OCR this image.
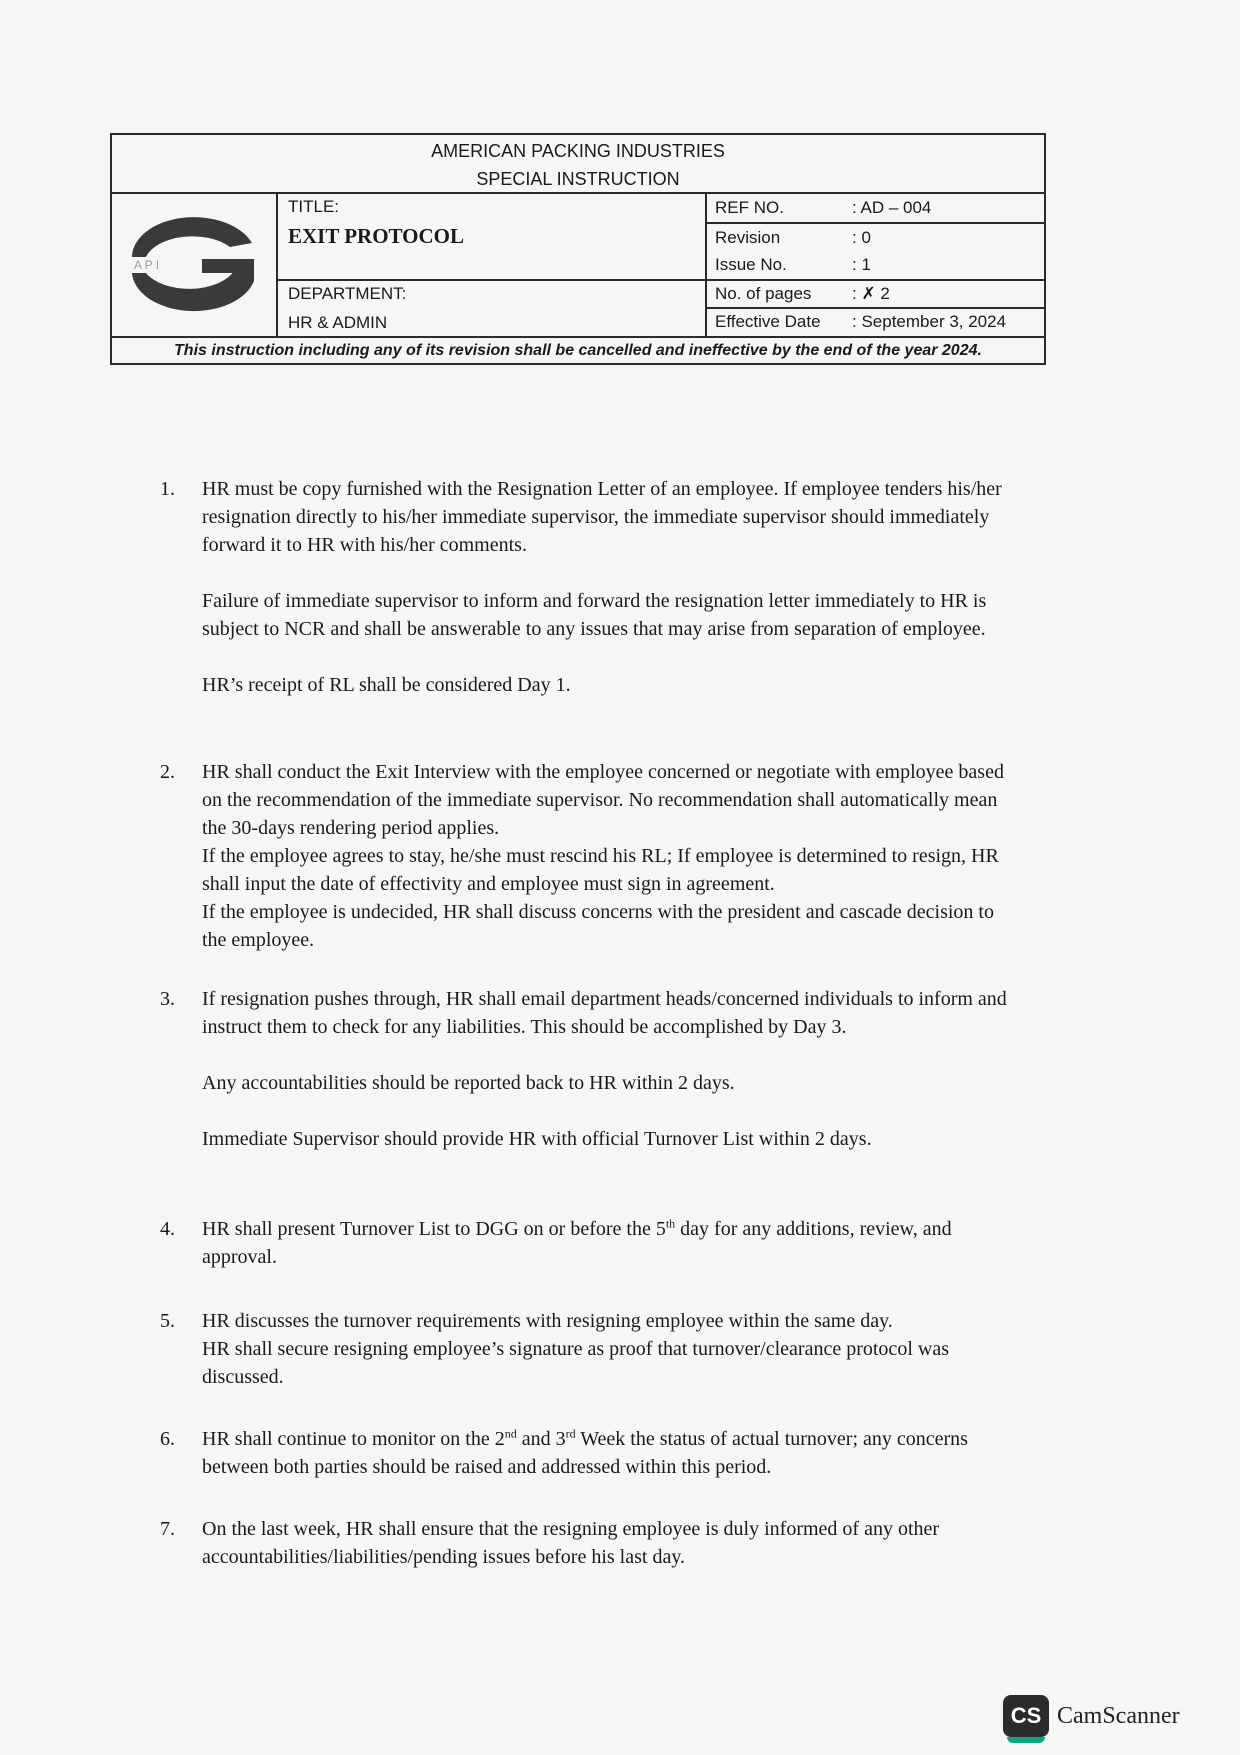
AMERICAN PACKING INDUSTRIES
SPECIAL INSTRUCTION
A P I
TITLE:
EXIT PROTOCOL
DEPARTMENT:
HR & ADMIN
REF NO.	: AD – 004
Revision	: 0
Issue No.	: 1
No. of pages : ✗ 2
Effective Date : September 3, 2024
This instruction including any of its revision shall be cancelled and ineffective by the end of the year 2024.
1.	HR must be copy furnished with the Resignation Letter of an employee. If employee tenders his/her resignation directly to his/her immediate supervisor, the immediate supervisor should immediately forward it to HR with his/her comments.

Failure of immediate supervisor to inform and forward the resignation letter immediately to HR is subject to NCR and shall be answerable to any issues that may arise from separation of employee.

HR’s receipt of RL shall be considered Day 1.

2.	HR shall conduct the Exit Interview with the employee concerned or negotiate with employee based on the recommendation of the immediate supervisor. No recommendation shall automatically mean the 30-days rendering period applies.

If the employee agrees to stay, he/she must rescind his RL; If employee is determined to resign, HR shall input the date of effectivity and employee must sign in agreement.

If the employee is undecided, HR shall discuss concerns with the president and cascade decision to the employee.

3.	If resignation pushes through, HR shall email department heads/concerned individuals to inform and instruct them to check for any liabilities. This should be accomplished by Day 3.

Any accountabilities should be reported back to HR within 2 days.

Immediate Supervisor should provide HR with official Turnover List within 2 days.

4.	HR shall present Turnover List to DGG on or before the 5th day for any additions, review, and approval.

5.	HR discusses the turnover requirements with resigning employee within the same day.

HR shall secure resigning employee’s signature as proof that turnover/clearance protocol was discussed.

6.	HR shall continue to monitor on the 2nd and 3rd Week the status of actual turnover; any concerns between both parties should be raised and addressed within this period.

7.	On the last week, HR shall ensure that the resigning employee is duly informed of any other accountabilities/liabilities/pending issues before his last day.

CS CamScanner
